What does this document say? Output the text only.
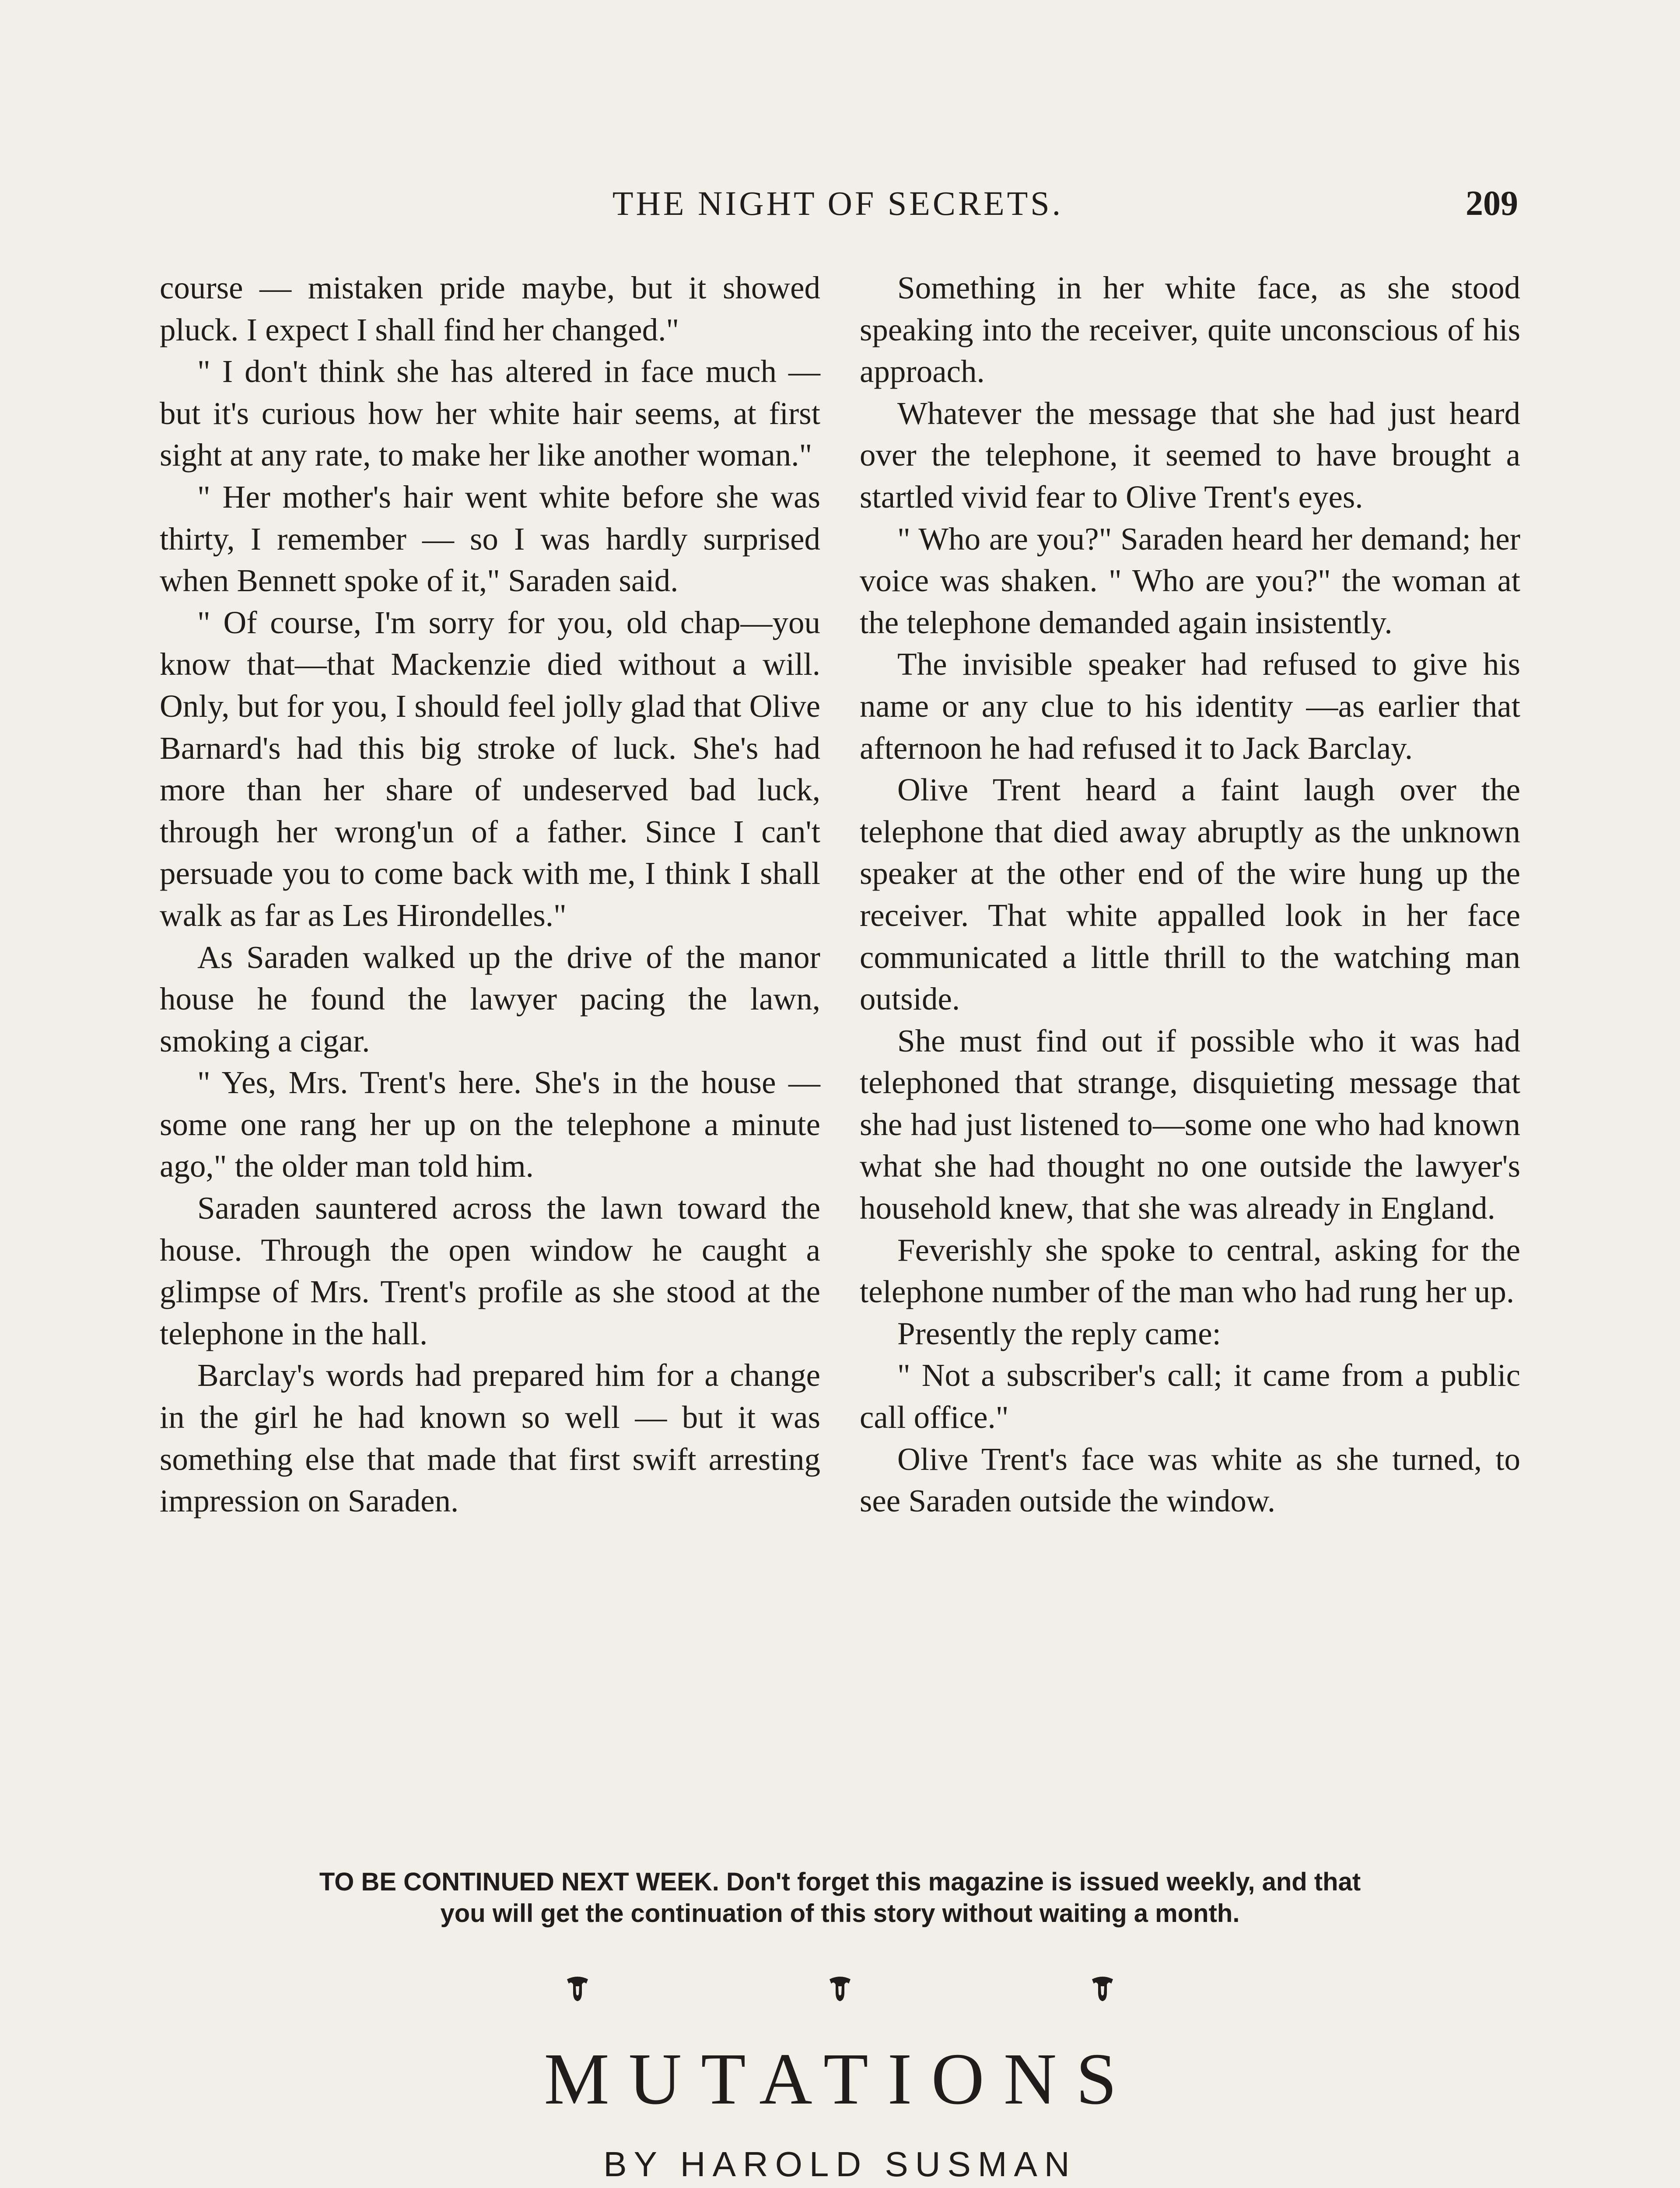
THE NIGHT OF SECRETS.	209

course — mistaken pride maybe, but it showed pluck. I expect I shall find her changed."

" I don't think she has altered in face much — but it's curious how her white hair seems, at first sight at any rate, to make her like another woman."

" Her mother's hair went white before she was thirty, I remember — so I was hardly surprised when Bennett spoke of it," Saraden said.

" Of course, I'm sorry for you, old chap—you know that—that Mackenzie died without a will. Only, but for you, I should feel jolly glad that Olive Barnard's had this big stroke of luck. She's had more than her share of undeserved bad luck, through her wrong'un of a father. Since I can't persuade you to come back with me, I think I shall walk as far as Les Hirondelles."

As Saraden walked up the drive of the manor house he found the lawyer pacing the lawn, smoking a cigar.

" Yes, Mrs. Trent's here. She's in the house — some one rang her up on the telephone a minute ago," the older man told him.

Saraden sauntered across the lawn toward the house. Through the open window he caught a glimpse of Mrs. Trent's profile as she stood at the telephone in the hall.

Barclay's words had prepared him for a change in the girl he had known so well — but it was something else that made that first swift arresting impression on Saraden.

Something in her white face, as she stood speaking into the receiver, quite unconscious of his approach.

Whatever the message that she had just heard over the telephone, it seemed to have brought a startled vivid fear to Olive Trent's eyes.

" Who are you?" Saraden heard her demand; her voice was shaken. " Who are you?" the woman at the telephone demanded again insistently.

The invisible speaker had refused to give his name or any clue to his identity —as earlier that afternoon he had refused it to Jack Barclay.

Olive Trent heard a faint laugh over the telephone that died away abruptly as the unknown speaker at the other end of the wire hung up the receiver. That white appalled look in her face communicated a little thrill to the watching man outside.

She must find out if possible who it was had telephoned that strange, disquieting message that she had just listened to—some one who had known what she had thought no one outside the lawyer's household knew, that she was already in England.

Feverishly she spoke to central, asking for the telephone number of the man who had rung her up.

Presently the reply came:

" Not a subscriber's call; it came from a public call office."

Olive Trent's face was white as she turned, to see Saraden outside the window.

TO BE CONTINUED NEXT WEEK. Don't forget this magazine is issued weekly, and that
you will get the continuation of this story without waiting a month.
MUTATIONS
BY HAROLD SUSMAN
